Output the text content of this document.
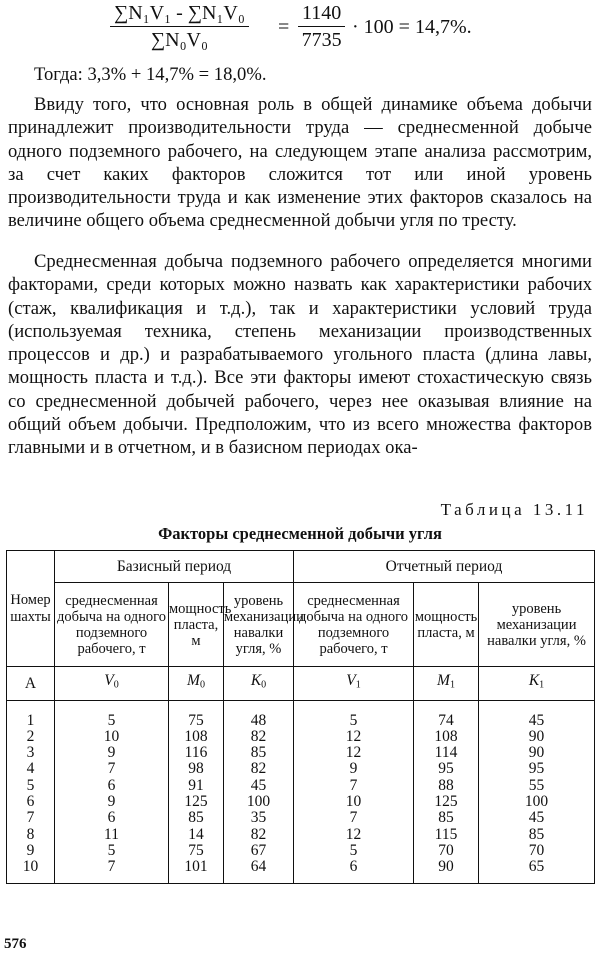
$\frac{\text{∑N₁V₁ - ∑N₁V₀}}{\text{∑N₀V₀}} = \frac{1140}{7735} \cdot 100 = 14,7\%$.

Тогда: 3,3% + 14,7% = 18,0%.

Ввиду того, что основная роль в общей динамике объема добычи принадлежит производительности труда — среднесменной добыче одного подземного рабочего, на следующем этапе анализа рассмотрим, за счет каких факторов сложится тот или иной уровень производительности труда и как изменение этих факторов сказалось на величине общего объема среднесменной добычи угля по тресту.

Среднесменная добыча подземного рабочего определяется многими факторами, среди которых можно назвать как характеристики рабочих (стаж, квалификация и т.д.), так и характеристики условий труда (используемая техника, степень механизации производственных процессов и др.) и разрабатываемого угольного пласта (длина лавы, мощность пласта и т.д.). Все эти факторы имеют стохастическую связь со среднесменной добычей рабочего, через нее оказывая влияние на общий объем добычи. Предположим, что из всего множества факторов главными и в отчетном, и в базисном периодах ока-

Таблица 13.11
Факторы среднесменной добычи угля
Номер шахты	Базисный период			Отчетный период		
	среднесменная добыча на одного подземного рабочего, т	мощность пласта, м	уровень механизации навалки угля, %	среднесменная добыча на одного подземного рабочего, т	мощность пласта, м	уровень механизации навалки угля, %
А	$V_0$	$M_0$	$K_0$	$V_1$	$M_1$	$K_1$

1	5	75	48	5	74	45
2	10	108	82	12	108	90
3	9	116	85	12	114	90
4	7	98	82	9	95	95
5	6	91	45	7	88	55
6	9	125	100	10	125	100
7	6	85	35	7	85	45
8	11	14	82	12	115	85
9	5	75	67	5	70	70
10	7	101	64	6	90	65

576
